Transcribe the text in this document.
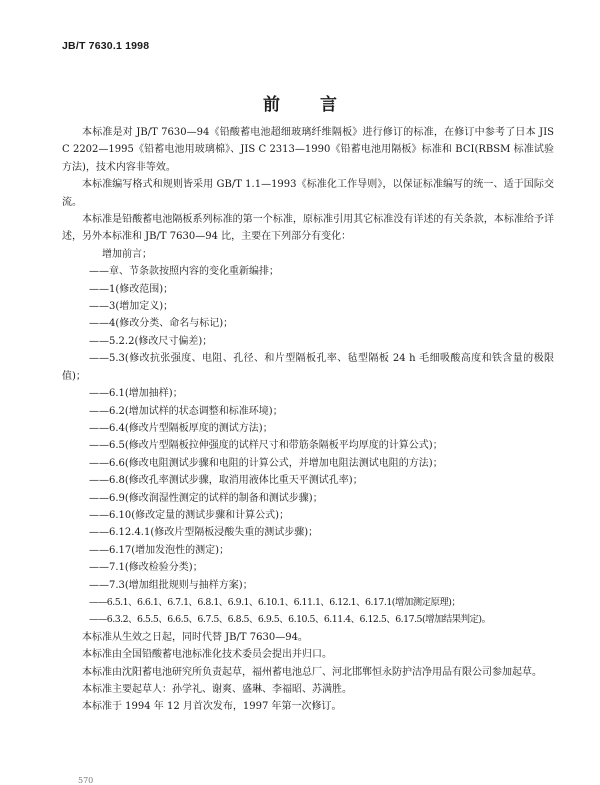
JB/T 7630.1 1998
前言

本标准是对 JB/T 7630—94《铅酸蓄电池超细玻璃纤维隔板》进行修订的标准，在修订中参考了日本 JIS C 2202—1995《铅蓄电池用玻璃棉》、JIS C 2313—1990《铅蓄电池用隔板》标准和 BCI(RBSM 标准试验方法)，技术内容非等效。

本标准编写格式和规则皆采用 GB/T 1.1—1993《标准化工作导则》，以保证标准编写的统一、适于国际交流。

本标准是铅酸蓄电池隔板系列标准的第一个标准，原标准引用其它标准没有详述的有关条款，本标准给予详述，另外本标准和 JB/T 7630—94 比，主要在下列部分有变化：

增加前言；

——章、节条款按照内容的变化重新编排；

——1(修改范围)；

——3(增加定义)；

——4(修改分类、命名与标记)；

——5.2.2(修改尺寸偏差)；

——5.3(修改抗张强度、电阻、孔径、和片型隔板孔率、毡型隔板 24 h 毛细吸酸高度和铁含量的极限值)；

——6.1(增加抽样)；

——6.2(增加试样的状态调整和标准环境)；

——6.4(修改片型隔板厚度的测试方法)；

——6.5(修改片型隔板拉伸强度的试样尺寸和带筋条隔板平均厚度的计算公式)；

——6.6(修改电阻测试步骤和电阻的计算公式，并增加电阻法测试电阻的方法)；

——6.8(修改孔率测试步骤，取消用液体比重天平测试孔率)；

——6.9(修改润湿性测定的试样的制备和测试步骤)；

——6.10(修改定量的测试步骤和计算公式)；

——6.12.4.1(修改片型隔板浸酸失重的测试步骤)；

——6.17(增加发泡性的测定)；

——7.1(修改检验分类)；

——7.3(增加组批规则与抽样方案)；

——6.5.1、6.6.1、6.7.1、6.8.1、6.9.1、6.10.1、6.11.1、6.12.1、6.17.1(增加测定原理)；

——6.3.2、6.5.5、6.6.5、6.7.5、6.8.5、6.9.5、6.10.5、6.11.4、6.12.5、6.17.5(增加结果判定)。

本标准从生效之日起，同时代替 JB/T 7630—94。

本标准由全国铅酸蓄电池标准化技术委员会提出并归口。

本标准由沈阳蓄电池研究所负责起草，福州蓄电池总厂、河北邯郸恒永防护洁净用品有限公司参加起草。

本标准主要起草人：孙学礼、谢爽、盛琳、李福昭、苏满胜。

本标准于 1994 年 12 月首次发布，1997 年第一次修订。

570
